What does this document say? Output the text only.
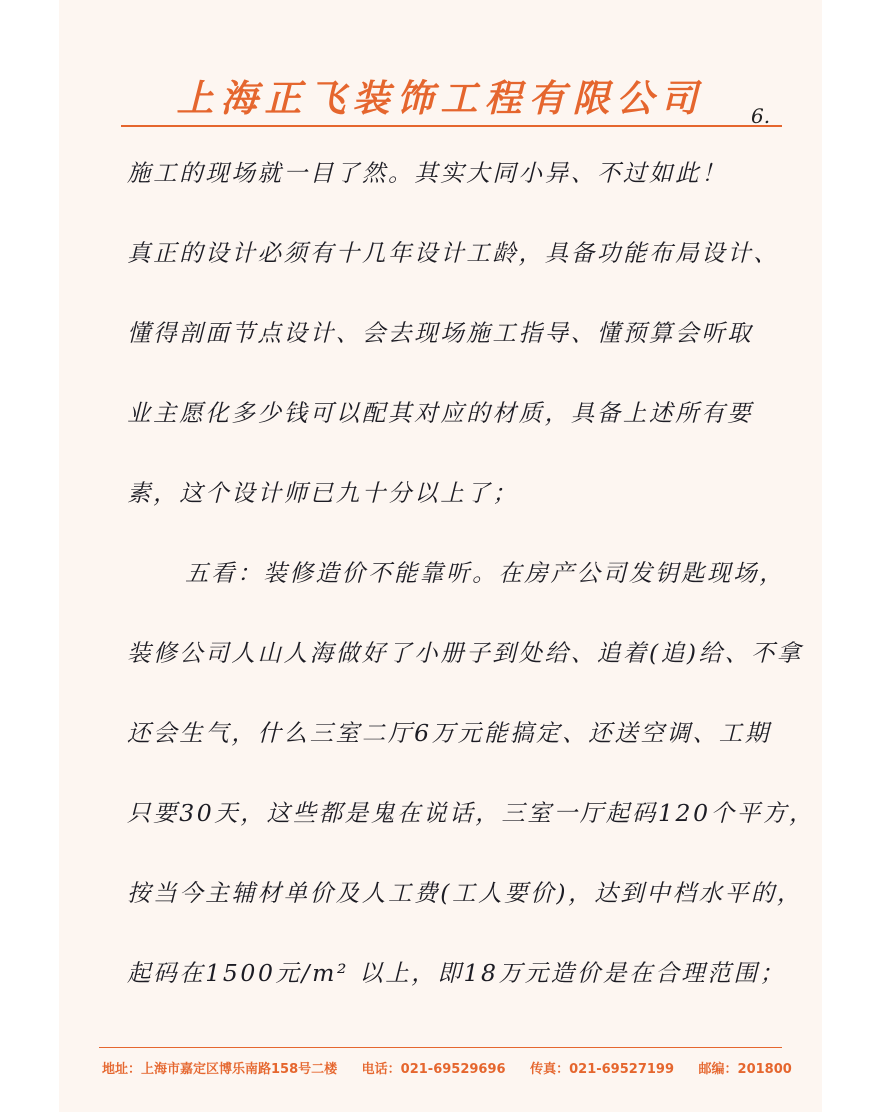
上海正飞装饰工程有限公司	6.
施工的现场就一目了然。其实大同小异、不过如此！
真正的设计必须有十几年设计工龄，具备功能布局设计、
懂得剖面节点设计、会去现场施工指导、懂预算会听取
业主愿化多少钱可以配其对应的材质，具备上述所有要
素，这个设计师已九十分以上了；
五看：装修造价不能靠听。在房产公司发钥匙现场，
装修公司人山人海做好了小册子到处给、追着(追)给、不拿
还会生气，什么三室二厅6万元能搞定、还送空调、工期
只要30天，这些都是鬼在说话，三室一厅起码120个平方，
按当今主辅材单价及人工费(工人要价)，达到中档水平的，
起码在1500元/m² 以上，即18万元造价是在合理范围；
地址：上海市嘉定区博乐南路158号二楼 电话：021-69529696 传真：021-69527199 邮编：201800
